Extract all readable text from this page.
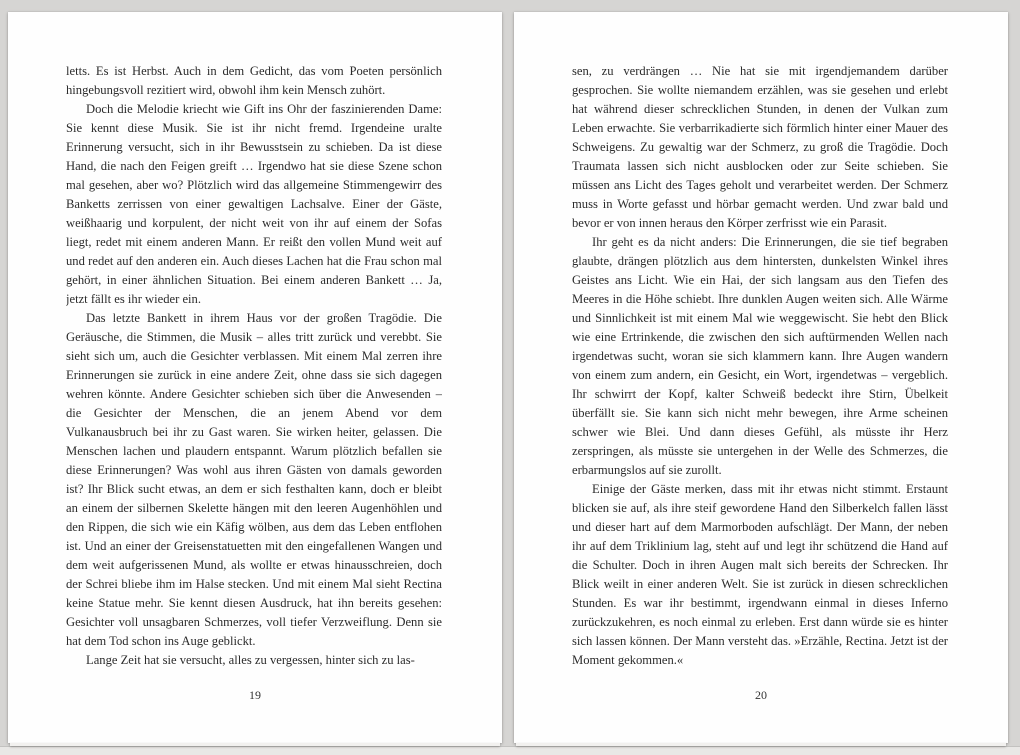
letts. Es ist Herbst. Auch in dem Gedicht, das vom Poeten persönlich hingebungsvoll rezitiert wird, obwohl ihm kein Mensch zuhört.

Doch die Melodie kriecht wie Gift ins Ohr der faszinierenden Dame: Sie kennt diese Musik. Sie ist ihr nicht fremd. Irgendeine uralte Erinnerung versucht, sich in ihr Bewusstsein zu schieben. Da ist diese Hand, die nach den Feigen greift … Irgendwo hat sie diese Szene schon mal gesehen, aber wo? Plötzlich wird das allgemeine Stimmengewirr des Banketts zerrissen von einer gewaltigen Lachsalve. Einer der Gäste, weißhaarig und korpulent, der nicht weit von ihr auf einem der Sofas liegt, redet mit einem anderen Mann. Er reißt den vollen Mund weit auf und redet auf den anderen ein. Auch dieses Lachen hat die Frau schon mal gehört, in einer ähnlichen Situation. Bei einem anderen Bankett … Ja, jetzt fällt es ihr wieder ein.

Das letzte Bankett in ihrem Haus vor der großen Tragödie. Die Geräusche, die Stimmen, die Musik – alles tritt zurück und verebbt. Sie sieht sich um, auch die Gesichter verblassen. Mit einem Mal zerren ihre Erinnerungen sie zurück in eine andere Zeit, ohne dass sie sich dagegen wehren könnte. Andere Gesichter schieben sich über die Anwesenden – die Gesichter der Menschen, die an jenem Abend vor dem Vulkanausbruch bei ihr zu Gast waren. Sie wirken heiter, gelassen. Die Menschen lachen und plaudern entspannt. Warum plötzlich befallen sie diese Erinnerungen? Was wohl aus ihren Gästen von damals geworden ist? Ihr Blick sucht etwas, an dem er sich festhalten kann, doch er bleibt an einem der silbernen Skelette hängen mit den leeren Augenhöhlen und den Rippen, die sich wie ein Käfig wölben, aus dem das Leben entflohen ist. Und an einer der Greisenstatuetten mit den eingefallenen Wangen und dem weit aufgerissenen Mund, als wollte er etwas hinausschreien, doch der Schrei bliebe ihm im Halse stecken. Und mit einem Mal sieht Rectina keine Statue mehr. Sie kennt diesen Ausdruck, hat ihn bereits gesehen: Gesichter voll unsagbaren Schmerzes, voll tiefer Verzweiflung. Denn sie hat dem Tod schon ins Auge geblickt.

Lange Zeit hat sie versucht, alles zu vergessen, hinter sich zu las-

19

sen, zu verdrängen … Nie hat sie mit irgendjemandem darüber gesprochen. Sie wollte niemandem erzählen, was sie gesehen und erlebt hat während dieser schrecklichen Stunden, in denen der Vulkan zum Leben erwachte. Sie verbarrikadierte sich förmlich hinter einer Mauer des Schweigens. Zu gewaltig war der Schmerz, zu groß die Tragödie. Doch Traumata lassen sich nicht ausblocken oder zur Seite schieben. Sie müssen ans Licht des Tages geholt und verarbeitet werden. Der Schmerz muss in Worte gefasst und hörbar gemacht werden. Und zwar bald und bevor er von innen heraus den Körper zerfrisst wie ein Parasit.

Ihr geht es da nicht anders: Die Erinnerungen, die sie tief begraben glaubte, drängen plötzlich aus dem hintersten, dunkelsten Winkel ihres Geistes ans Licht. Wie ein Hai, der sich langsam aus den Tiefen des Meeres in die Höhe schiebt. Ihre dunklen Augen weiten sich. Alle Wärme und Sinnlichkeit ist mit einem Mal wie weggewischt. Sie hebt den Blick wie eine Ertrinkende, die zwischen den sich auftürmenden Wellen nach irgendetwas sucht, woran sie sich klammern kann. Ihre Augen wandern von einem zum andern, ein Gesicht, ein Wort, irgendetwas – vergeblich. Ihr schwirrt der Kopf, kalter Schweiß bedeckt ihre Stirn, Übelkeit überfällt sie. Sie kann sich nicht mehr bewegen, ihre Arme scheinen schwer wie Blei. Und dann dieses Gefühl, als müsste ihr Herz zerspringen, als müsste sie untergehen in der Welle des Schmerzes, die erbarmungslos auf sie zurollt.

Einige der Gäste merken, dass mit ihr etwas nicht stimmt. Erstaunt blicken sie auf, als ihre steif gewordene Hand den Silberkelch fallen lässt und dieser hart auf dem Marmorboden aufschlägt. Der Mann, der neben ihr auf dem Triklinium lag, steht auf und legt ihr schützend die Hand auf die Schulter. Doch in ihren Augen malt sich bereits der Schrecken. Ihr Blick weilt in einer anderen Welt. Sie ist zurück in diesen schrecklichen Stunden. Es war ihr bestimmt, irgendwann einmal in dieses Inferno zurückzukehren, es noch einmal zu erleben. Erst dann würde sie es hinter sich lassen können. Der Mann versteht das. »Erzähle, Rectina. Jetzt ist der Moment gekommen.«

20
